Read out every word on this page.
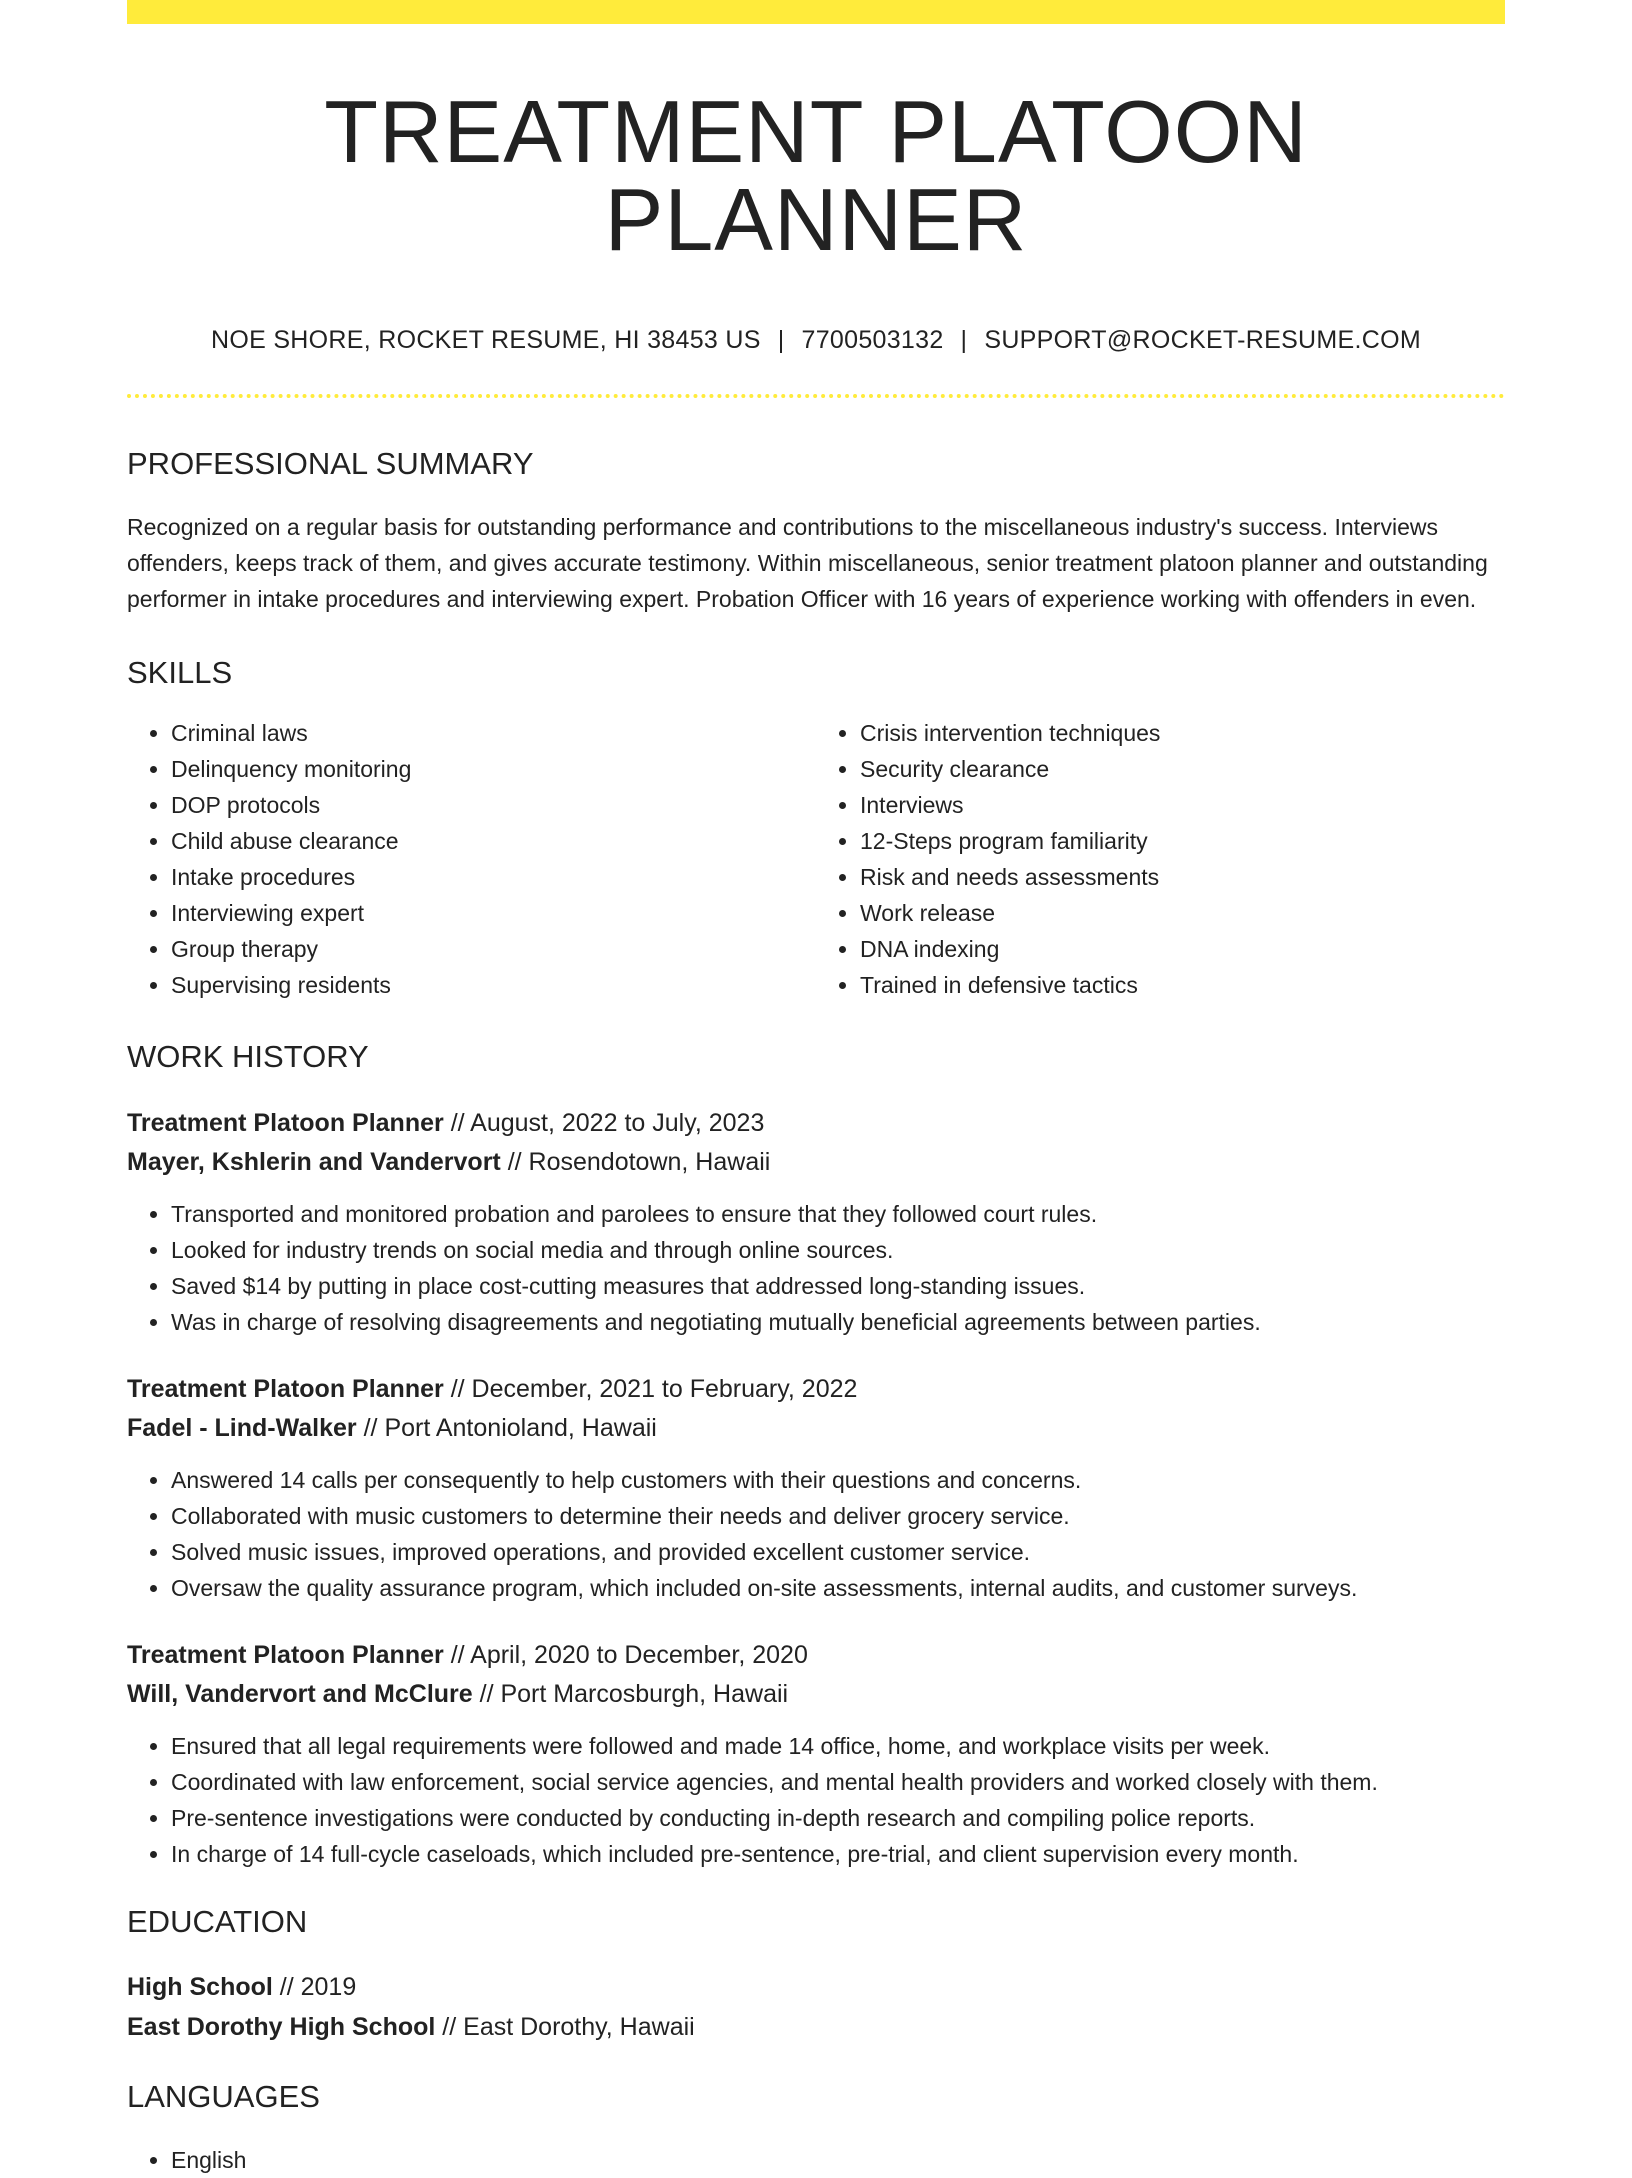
TREATMENT PLATOON PLANNER
NOE SHORE, ROCKET RESUME, HI 38453 US | 7700503132 | SUPPORT@ROCKET-RESUME.COM
PROFESSIONAL SUMMARY
Recognized on a regular basis for outstanding performance and contributions to the miscellaneous industry's success. Interviews offenders, keeps track of them, and gives accurate testimony. Within miscellaneous, senior treatment platoon planner and outstanding performer in intake procedures and interviewing expert. Probation Officer with 16 years of experience working with offenders in even.
SKILLS
• Criminal laws
• Delinquency monitoring
• DOP protocols
• Child abuse clearance
• Intake procedures
• Interviewing expert
• Group therapy
• Supervising residents
• Crisis intervention techniques
• Security clearance
• Interviews
• 12-Steps program familiarity
• Risk and needs assessments
• Work release
• DNA indexing
• Trained in defensive tactics
WORK HISTORY
Treatment Platoon Planner // August, 2022 to July, 2023
Mayer, Kshlerin and Vandervort // Rosendotown, Hawaii
• Transported and monitored probation and parolees to ensure that they followed court rules.
• Looked for industry trends on social media and through online sources.
• Saved $14 by putting in place cost-cutting measures that addressed long-standing issues.
• Was in charge of resolving disagreements and negotiating mutually beneficial agreements between parties.
Treatment Platoon Planner // December, 2021 to February, 2022
Fadel - Lind-Walker // Port Antonioland, Hawaii
• Answered 14 calls per consequently to help customers with their questions and concerns.
• Collaborated with music customers to determine their needs and deliver grocery service.
• Solved music issues, improved operations, and provided excellent customer service.
• Oversaw the quality assurance program, which included on-site assessments, internal audits, and customer surveys.
Treatment Platoon Planner // April, 2020 to December, 2020
Will, Vandervort and McClure // Port Marcosburgh, Hawaii
• Ensured that all legal requirements were followed and made 14 office, home, and workplace visits per week.
• Coordinated with law enforcement, social service agencies, and mental health providers and worked closely with them.
• Pre-sentence investigations were conducted by conducting in-depth research and compiling police reports.
• In charge of 14 full-cycle caseloads, which included pre-sentence, pre-trial, and client supervision every month.
EDUCATION
High School // 2019
East Dorothy High School // East Dorothy, Hawaii
LANGUAGES
• English
